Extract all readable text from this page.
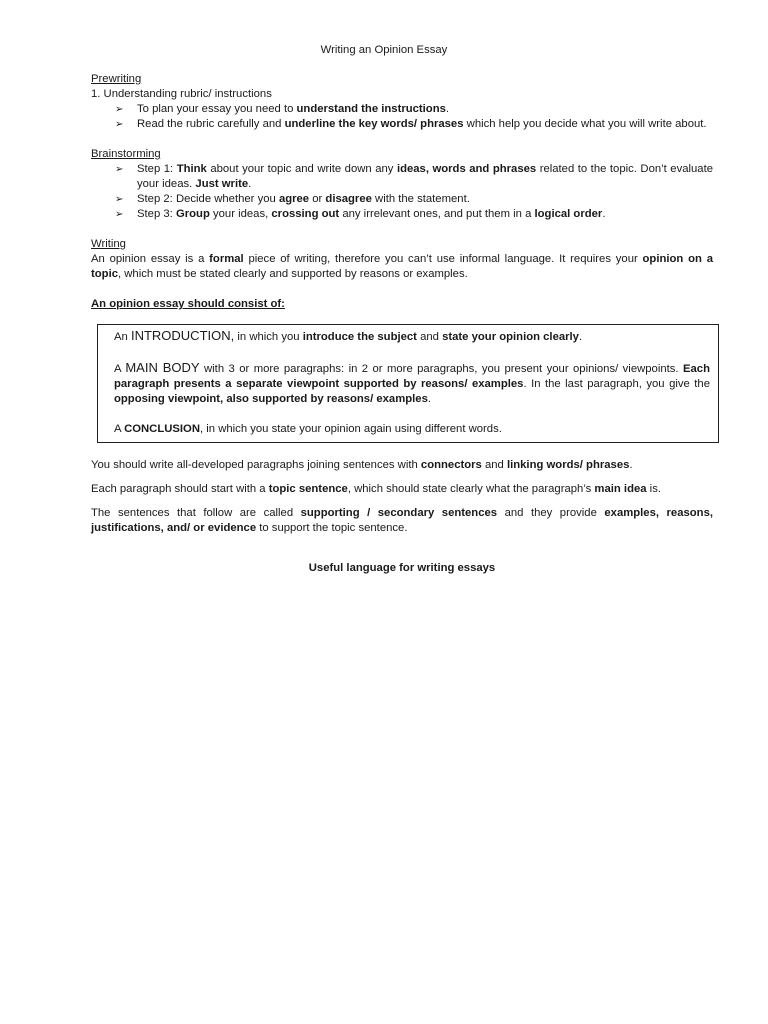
Writing an Opinion Essay

Prewriting

1. Understanding rubric/ instructions

➢ To plan your essay you need to understand the instructions.
➢ Read the rubric carefully and underline the key words/ phrases which help you decide what you will write about.

Brainstorming

➢ Step 1: Think about your topic and write down any ideas, words and phrases related to the topic. Don’t evaluate your ideas. Just write.
➢ Step 2: Decide whether you agree or disagree with the statement.
➢ Step 3: Group your ideas, crossing out any irrelevant ones, and put them in a logical order.

Writing

An opinion essay is a formal piece of writing, therefore you can’t use informal language. It requires your opinion on a topic, which must be stated clearly and supported by reasons or examples.

An opinion essay should consist of:

An INTRODUCTION, in which you introduce the subject and state your opinion clearly.

A MAIN BODY with 3 or more paragraphs: in 2 or more paragraphs, you present your opinions/ viewpoints. Each paragraph presents a separate viewpoint supported by reasons/ examples. In the last paragraph, you give the opposing viewpoint, also supported by reasons/ examples.

A CONCLUSION, in which you state your opinion again using different words.

You should write all-developed paragraphs joining sentences with connectors and linking words/ phrases.

Each paragraph should start with a topic sentence, which should state clearly what the paragraph’s main idea is.

The sentences that follow are called supporting / secondary sentences and they provide examples, reasons, justifications, and/ or evidence to support the topic sentence.

Useful language for writing essays
